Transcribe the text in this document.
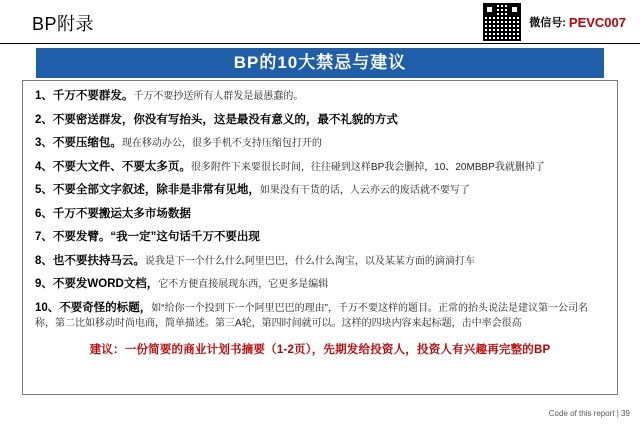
BP附录	微信号: PEVC007
BP的10大禁忌与建议
1、千万不要群发。千万不要抄送所有人群发是最愚蠢的。
2、不要密送群发，你没有写抬头，这是最没有意义的，最不礼貌的方式
3、不要压缩包。现在移动办公，很多手机不支持压缩包打开的
4、不要大文件、不要太多页。很多附件下来要很长时间，往往碰到这样BP我会删掉，10、20MBBP我就删掉了
5、不要全部文字叙述，除非是非常有见地，如果没有干货的话，人云亦云的废话就不要写了
6、千万不要搬运太多市场数据
7、不要发臂。“我一定”这句话千万不要出现
8、也不要扶持马云。说我是下一个什么什么阿里巴巴，什么什么淘宝，以及某某方面的滴滴打车
9、不要发WORD文档，它不方便直接展现东西，它更多是编辑
10、不要奇怪的标题，如“给你一个投到下一个阿里巴巴的理由”，千万不要这样的题目。正常的抬头说法是建议第一公司名称，第二比如移动时尚电商，简单描述。第三A轮，第四时间就可以。这样的四块内容来起标题，击中率会很高
建议：一份简要的商业计划书摘要（1-2页），先期发给投资人，投资人有兴趣再完整的BP
Code of this report | 39
